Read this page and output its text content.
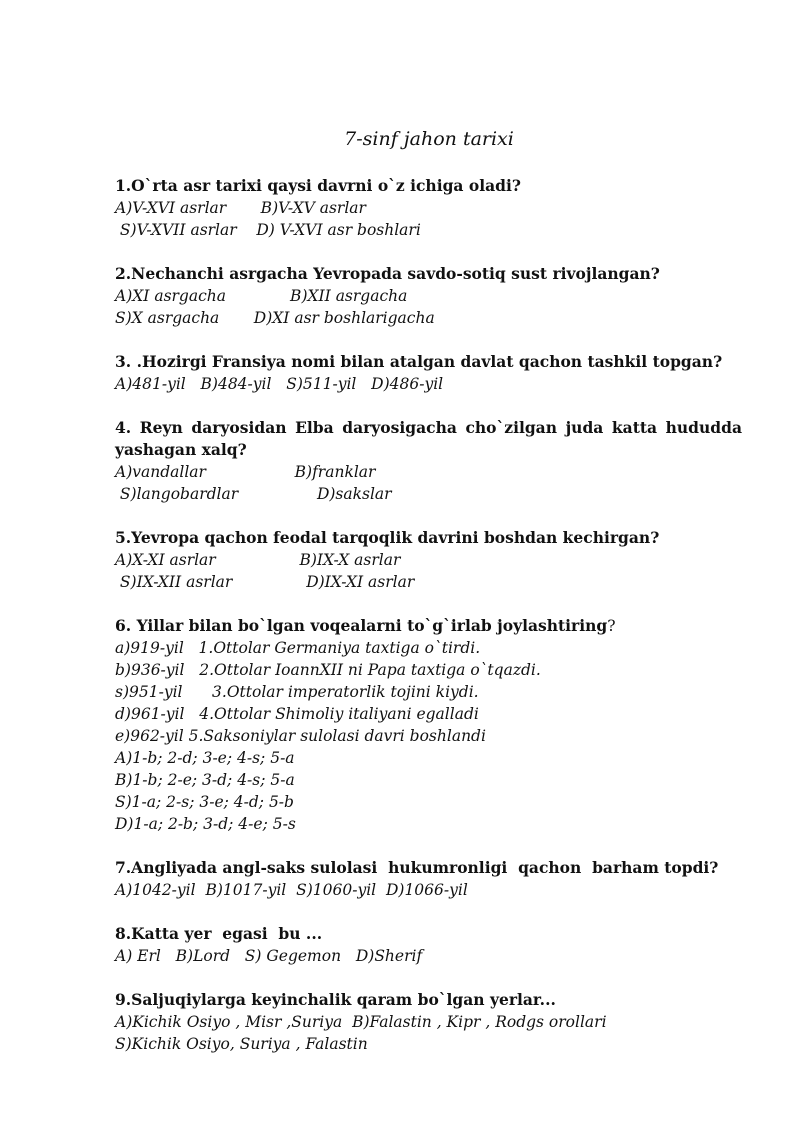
7-sinf jahon tarixi
1.O`rta asr tarixi qaysi davrni o`z ichiga oladi?
A)V-XVI asrlar       B)V-XV asrlar
S)V-XVII asrlar    D) V-XVI asr boshlari
2.Nechanchi asrgacha Yevropada savdo-sotiq sust rivojlangan?
A)XI asrgacha             B)XII asrgacha
S)X asrgacha       D)XI asr boshlarigacha
3. .Hozirgi Fransiya nomi bilan atalgan davlat qachon tashkil topgan?
A)481-yil   B)484-yil   S)511-yil   D)486-yil
4. Reyn daryosidan Elba daryosigacha cho`zilgan juda katta hududda yashagan xalq?
A)vandallar                  B)franklar
S)langobardlar                D)sakslar
5.Yevropa qachon feodal tarqoqlik davrini boshdan kechirgan?
A)X-XI asrlar                 B)IX-X asrlar
S)IX-XII asrlar               D)IX-XI asrlar
6. Yillar bilan bo`lgan voqealarni to`g`irlab joylashtiring?
a)919-yil   1.Ottolar Germaniya taxtiga o`tirdi.
b)936-yil   2.Ottolar IoannXII ni Papa taxtiga o`tqazdi.
s)951-yil      3.Ottolar imperatorlik tojini kiydi.
d)961-yil   4.Ottolar Shimoliy italiyani egalladi
e)962-yil 5.Saksoniylar sulolasi davri boshlandi
A)1-b; 2-d; 3-e; 4-s; 5-a
B)1-b; 2-e; 3-d; 4-s; 5-a
S)1-a; 2-s; 3-e; 4-d; 5-b
D)1-a; 2-b; 3-d; 4-e; 5-s
7.Angliyada angl-saks sulolasi  hukumronligi  qachon  barham topdi?
A)1042-yil  B)1017-yil  S)1060-yil  D)1066-yil
8.Katta yer  egasi  bu ...
A) Erl   B)Lord   S) Gegemon   D)Sherif
9.Saljuqiylarga keyinchalik qaram bo`lgan yerlar...
A)Kichik Osiyo , Misr ,Suriya  B)Falastin , Kipr , Rodgs orollari
S)Kichik Osiyo, Suriya , Falastin
